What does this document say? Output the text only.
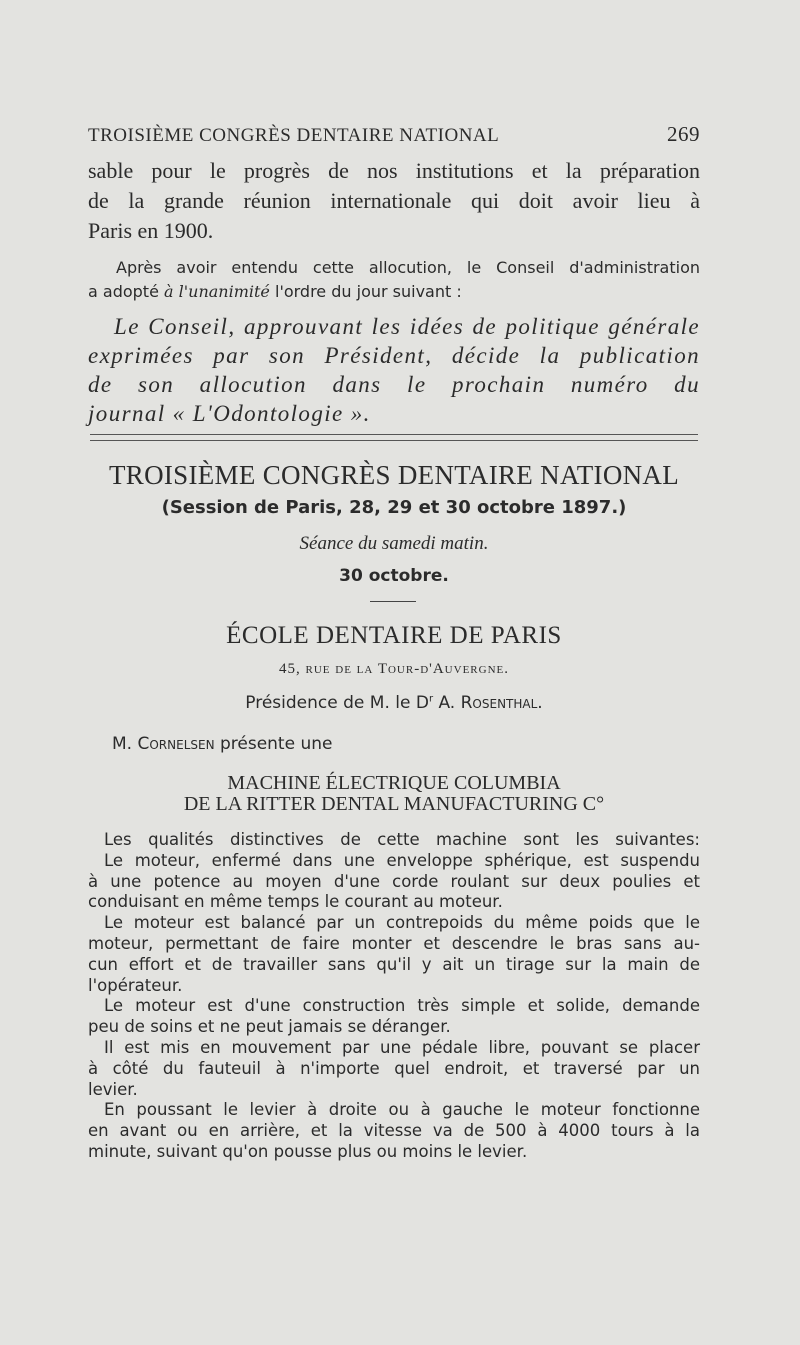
TROISIÈME CONGRÈS DENTAIRE NATIONAL	269
sable pour le progrès de nos institutions et la préparation
de la grande réunion internationale qui doit avoir lieu à
Paris en 1900.
Après avoir entendu cette allocution, le Conseil d'administration
a adopté à l'unanimité l'ordre du jour suivant :
Le Conseil, approuvant les idées de politique générale
exprimées par son Président, décide la publication
de son allocution dans le prochain numéro du
journal « L'Odontologie ».
TROISIÈME CONGRÈS DENTAIRE NATIONAL
(Session de Paris, 28, 29 et 30 octobre 1897.)
Séance du samedi matin.
30 octobre.
ÉCOLE DENTAIRE DE PARIS
45, rue de la Tour-d'Auvergne.
Présidence de M. le $D^r$ A. Rosenthal.
M. Cornelsen présente une
MACHINE ÉLECTRIQUE COLUMBIA
DE LA RITTER DENTAL MANUFACTURING C°
Les qualités distinctives de cette machine sont les suivantes:
Le moteur, enfermé dans une enveloppe sphérique, est suspendu
à une potence au moyen d'une corde roulant sur deux poulies et
conduisant en même temps le courant au moteur.
Le moteur est balancé par un contrepoids du même poids que le
moteur, permettant de faire monter et descendre le bras sans au-
cun effort et de travailler sans qu'il y ait un tirage sur la main de
l'opérateur.
Le moteur est d'une construction très simple et solide, demande
peu de soins et ne peut jamais se déranger.
Il est mis en mouvement par une pédale libre, pouvant se placer
à côté du fauteuil à n'importe quel endroit, et traversé par un
levier.
En poussant le levier à droite ou à gauche le moteur fonctionne
en avant ou en arrière, et la vitesse va de 500 à 4000 tours à la
minute, suivant qu'on pousse plus ou moins le levier.
